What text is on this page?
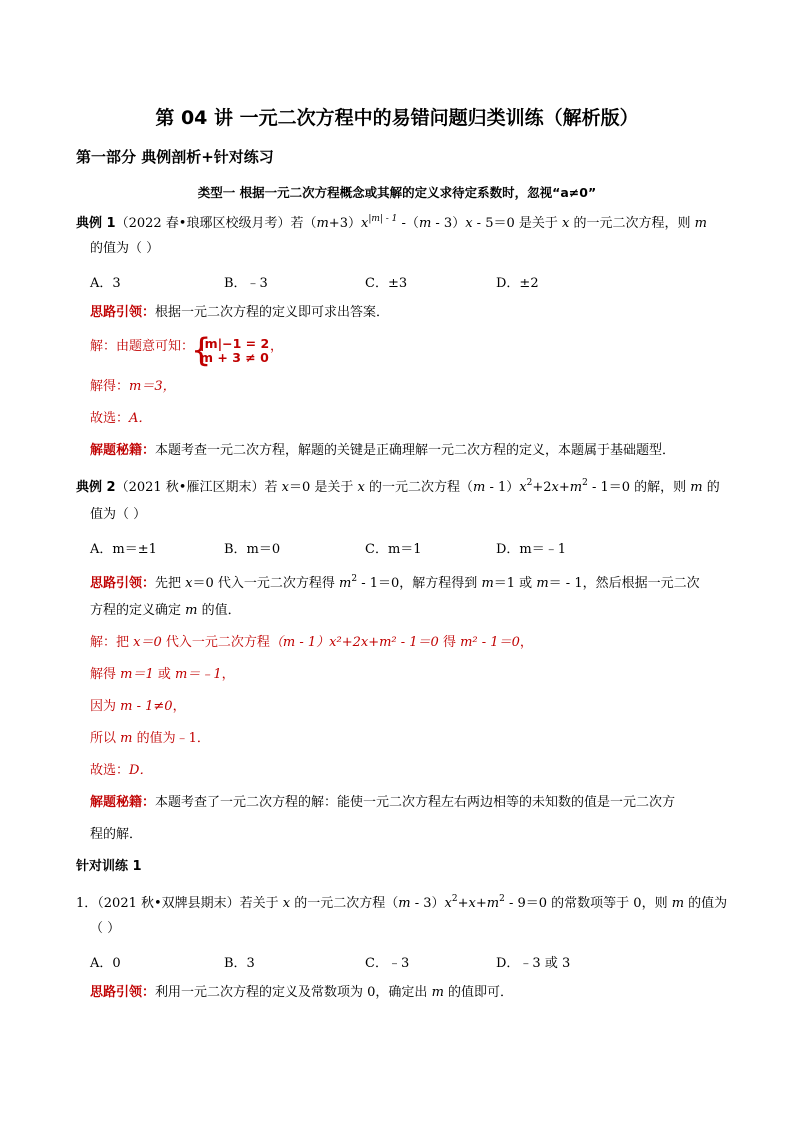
第 04 讲 一元二次方程中的易错问题归类训练（解析版）
第一部分 典例剖析+针对练习
类型一 根据一元二次方程概念或其解的定义求待定系数时，忽视“a≠0”
典例 1（2022 春•琅琊区校级月考）若$(m+3)x^{|m| - 1}$ -（m - 3）x - 5＝0 是关于 x 的一元二次方程，则 m
的值为（ ）
A．3	B．﹣3	C．±3	D．±2
思路引领：根据一元二次方程的定义即可求出答案．
解：由题意可知：
{
|m|−1 = 2
m + 3 ≠ 0
，
解得：m＝3，
故选：A．
解题秘籍：本题考查一元二次方程，解题的关键是正确理解一元二次方程的定义，本题属于基础题型．
典例 2（2021 秋•雁江区期末）若 x＝0 是关于 x 的一元二次方程$(m - 1)x^2+2x+m^2 - 1=0$ 的解，则 m 的
值为（ ）
A．m＝±1	B．m＝0	C．m＝1	D．m＝﹣1
思路引领：先把 x＝0 代入一元二次方程得 $m^2 - 1=0$，解方程得到 m＝1 或 m＝ - 1，然后根据一元二次
方程的定义确定 m 的值．
解：把 x＝0 代入一元二次方程（m - 1）x²+2x+m² - 1＝0 得 m² - 1＝0，
解得 m＝1 或 m＝﹣1，
因为 m - 1≠0，
所以 m 的值为﹣1．
故选：D．
解题秘籍：本题考查了一元二次方程的解：能使一元二次方程左右两边相等的未知数的值是一元二次方
程的解．
针对训练 1
1．（2021 秋•双牌县期末）若关于 x 的一元二次方程$(m - 3)x^2+x+m^2 - 9=0$ 的常数项等于 0，则 m 的值为
（ ）
A．0	B．3	C．﹣3	D．﹣3 或 3
思路引领：利用一元二次方程的定义及常数项为 0，确定出 m 的值即可．
